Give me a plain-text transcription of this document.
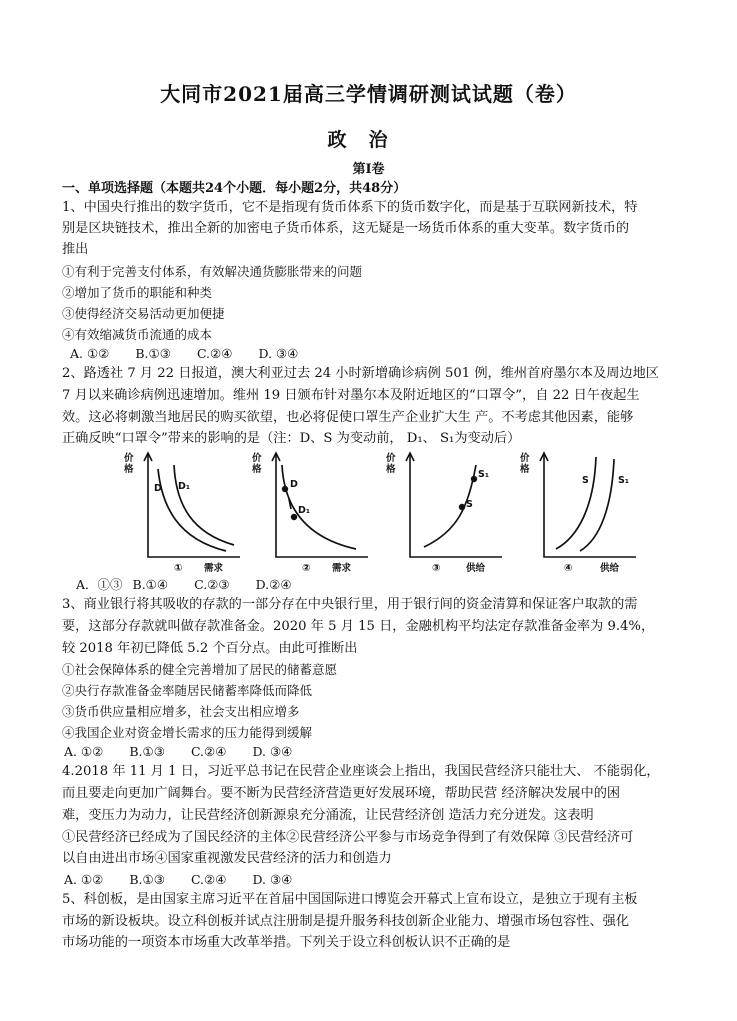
大同市2021届高三学情调研测试试题（卷）
政治
第Ⅰ卷
一、单项选择题（本题共24个小题．每小题2分，共48分）
1、中国央行推出的数字货币，它不是指现有货币体系下的货币数字化，而是基于互联网新技术，特
别是区块链技术，推出全新的加密电子货币体系，这无疑是一场货币体系的重大变革。数字货币的
推出
①有利于完善支付体系，有效解决通货膨胀带来的问题
②增加了货币的职能和种类
③使得经济交易活动更加便捷
④有效缩减货币流通的成本
A. ①② B.①③ C.②④ D. ③④
2、路透社 7 月 22 日报道，澳大利亚过去 24 小时新增确诊病例 501 例，维州首府墨尔本及周边地区
7 月以来确诊病例迅速增加。维州 19 日颁布针对墨尔本及附近地区的“口罩令”，自 22 日午夜起生
效。这必将刺激当地居民的购买欲望，也必将促使口罩生产企业扩大生 产。不考虑其他因素，能够
正确反映“口罩令”带来的影响的是（注：D、S 为变动前， D₁、 S₁为变动后）
价格
D D₁
需求
①
价格
D
D₁
需求
②
价格	S₁
S
供给
③
价格
S	S₁
供给
④
A．①③ B.①④ C.②③ D.②④
3、商业银行将其吸收的存款的一部分存在中央银行里，用于银行间的资金清算和保证客户取款的需
要，这部分存款就叫做存款准备金。2020 年 5 月 15 日，金融机构平均法定存款准备金率为 9.4%，
较 2018 年初已降低 5.2 个百分点。由此可推断出
①社会保障体系的健全完善增加了居民的储蓄意愿
②央行存款准备金率随居民储蓄率降低而降低
③货币供应量相应增多，社会支出相应增多
④我国企业对资金增长需求的压力能得到缓解
A. ①② B.①③ C.②④ D. ③④
4.2018 年 11 月 1 日，习近平总书记在民营企业座谈会上指出，我国民营经济只能壮大、 不能弱化，
而且要走向更加广阔舞台。要不断为民营经济营造更好发展环境，帮助民营 经济解决发展中的困
难，变压力为动力，让民营经济创新源泉充分涌流，让民营经济创 造活力充分迸发。这表明
①民营经济已经成为了国民经济的主体②民营经济公平参与市场竞争得到了有效保障 ③民营经济可
以自由进出市场④国家重视激发民营经济的活力和创造力
A. ①② B.①③ C.②④ D. ③④
5、科创板，是由国家主席习近平在首届中国国际进口博览会开幕式上宣布设立，是独立于现有主板
市场的新设板块。设立科创板并试点注册制是提升服务科技创新企业能力、增强市场包容性、强化
市场功能的一项资本市场重大改革举措。下列关于设立科创板认识不正确的是
